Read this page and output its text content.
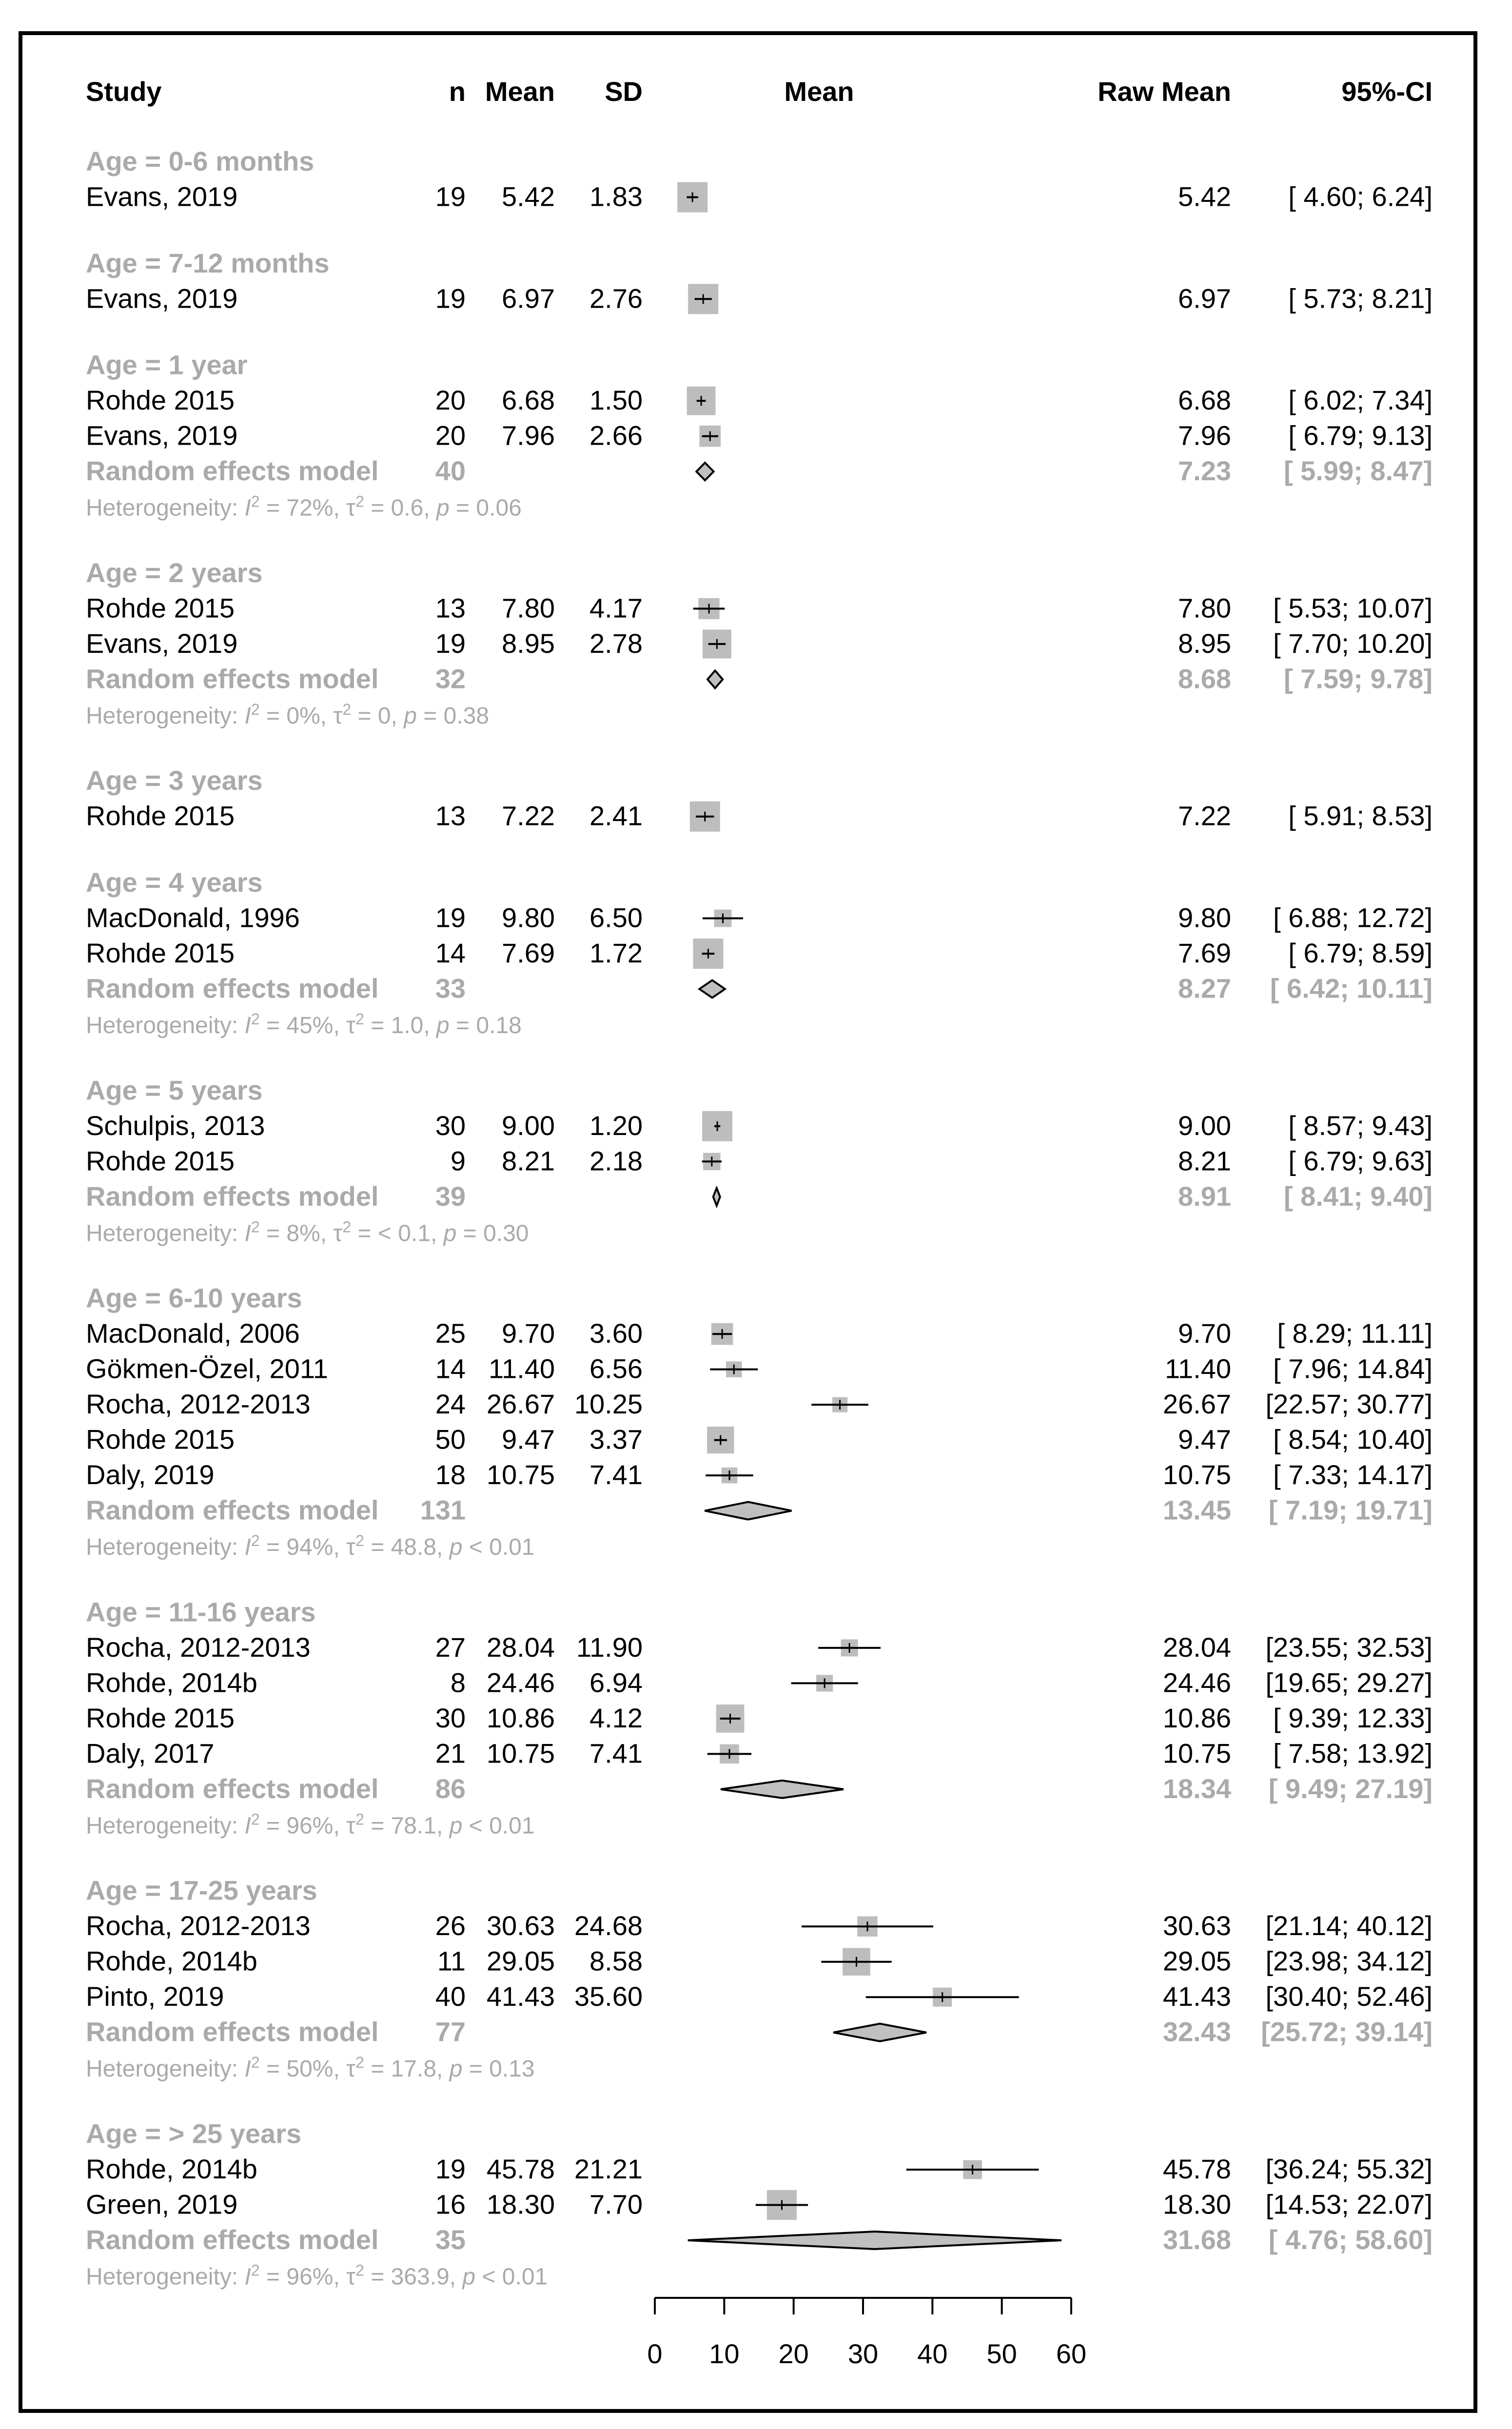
Study	n Mean SD	Mean	Raw Mean	95%-CI
Age = 0-6 months
Evans, 2019	19 5.42 1.83	5.42 [ 4.60; 6.24]
Age = 7-12 months
Evans, 2019	19 6.97 2.76	6.97 [ 5.73; 8.21]
Age = 1 year
Rohde 2015	20 6.68 1.50	6.68 [ 6.02; 7.34]
Evans, 2019	20 7.96 2.66	7.96 [ 6.79; 9.13]
Random effects model 40	7.23 [ 5.99; 8.47]
Heterogeneity: $I^2 = 72\%$, $\tau^2 = 0.6$, p = 0.06
Age = 2 years
Rohde 2015	13 7.80 4.17	7.80 [ 5.53; 10.07]
Evans, 2019	19 8.95 2.78	8.95 [ 7.70; 10.20]
Random effects model 32	8.68 [ 7.59; 9.78]
Heterogeneity: $I^2 = 0\%$, $\tau^2 = 0$, p = 0.38
Age = 3 years
Rohde 2015	13 7.22 2.41	7.22 [ 5.91; 8.53]
Age = 4 years
MacDonald, 1996	19 9.80 6.50	9.80 [ 6.88; 12.72]
Rohde 2015	14 7.69 1.72	7.69 [ 6.79; 8.59]
Random effects model 33	8.27 [ 6.42; 10.11]
Heterogeneity: $I^2 = 45\%$, $\tau^2 = 1.0$, p = 0.18
Age = 5 years
Schulpis, 2013	30 9.00 1.20	9.00 [ 8.57; 9.43]
Rohde 2015	9 8.21 2.18	8.21 [ 6.79; 9.63]
Random effects model 39	8.91 [ 8.41; 9.40]
Heterogeneity: $I^2 = 8\%$, $\tau^2$ = < 0.1, p = 0.30
Age = 6-10 years
MacDonald, 2006	25 9.70 3.60	9.70 [ 8.29; 11.11]
Gökmen-Özel, 2011	14 11.40 6.56	11.40 [ 7.96; 14.84]
Rocha, 2012-2013	24 26.67 10.25	26.67 [22.57; 30.77]
Rohde 2015	50 9.47 3.37	9.47 [ 8.54; 10.40]
Daly, 2019	18 10.75 7.41	10.75 [ 7.33; 14.17]
Random effects model 131	13.45 [ 7.19; 19.71]
Heterogeneity: $I^2 = 94\%$, $\tau^2 = 48.8$, p < 0.01
Age = 11-16 years
Rocha, 2012-2013	27 28.04 11.90	28.04 [23.55; 32.53]
Rohde, 2014b	8 24.46 6.94	24.46 [19.65; 29.27]
Rohde 2015	30 10.86 4.12	10.86 [ 9.39; 12.33]
Daly, 2017	21 10.75 7.41	10.75 [ 7.58; 13.92]
Random effects model 86	18.34 [ 9.49; 27.19]
Heterogeneity: $I^2 = 96\%$, $\tau^2 = 78.1$, p < 0.01
Age = 17-25 years
Rocha, 2012-2013	26 30.63 24.68	30.63 [21.14; 40.12]
Rohde, 2014b	11 29.05 8.58	29.05 [23.98; 34.12]
Pinto, 2019	40 41.43 35.60	41.43 [30.40; 52.46]
Random effects model 77	32.43 [25.72; 39.14]
Heterogeneity: $I^2 = 50\%$, $\tau^2 = 17.8$, p = 0.13
Age = > 25 years
Rohde, 2014b	19 45.78 21.21	45.78 [36.24; 55.32]
Green, 2019	16 18.30 7.70	18.30 [14.53; 22.07]
Random effects model 35	31.68 [ 4.76; 58.60]
Heterogeneity: $I^2 = 96\%$, $\tau^2 = 363.9$, p < 0.01
0 10 20 30 40 50 60
